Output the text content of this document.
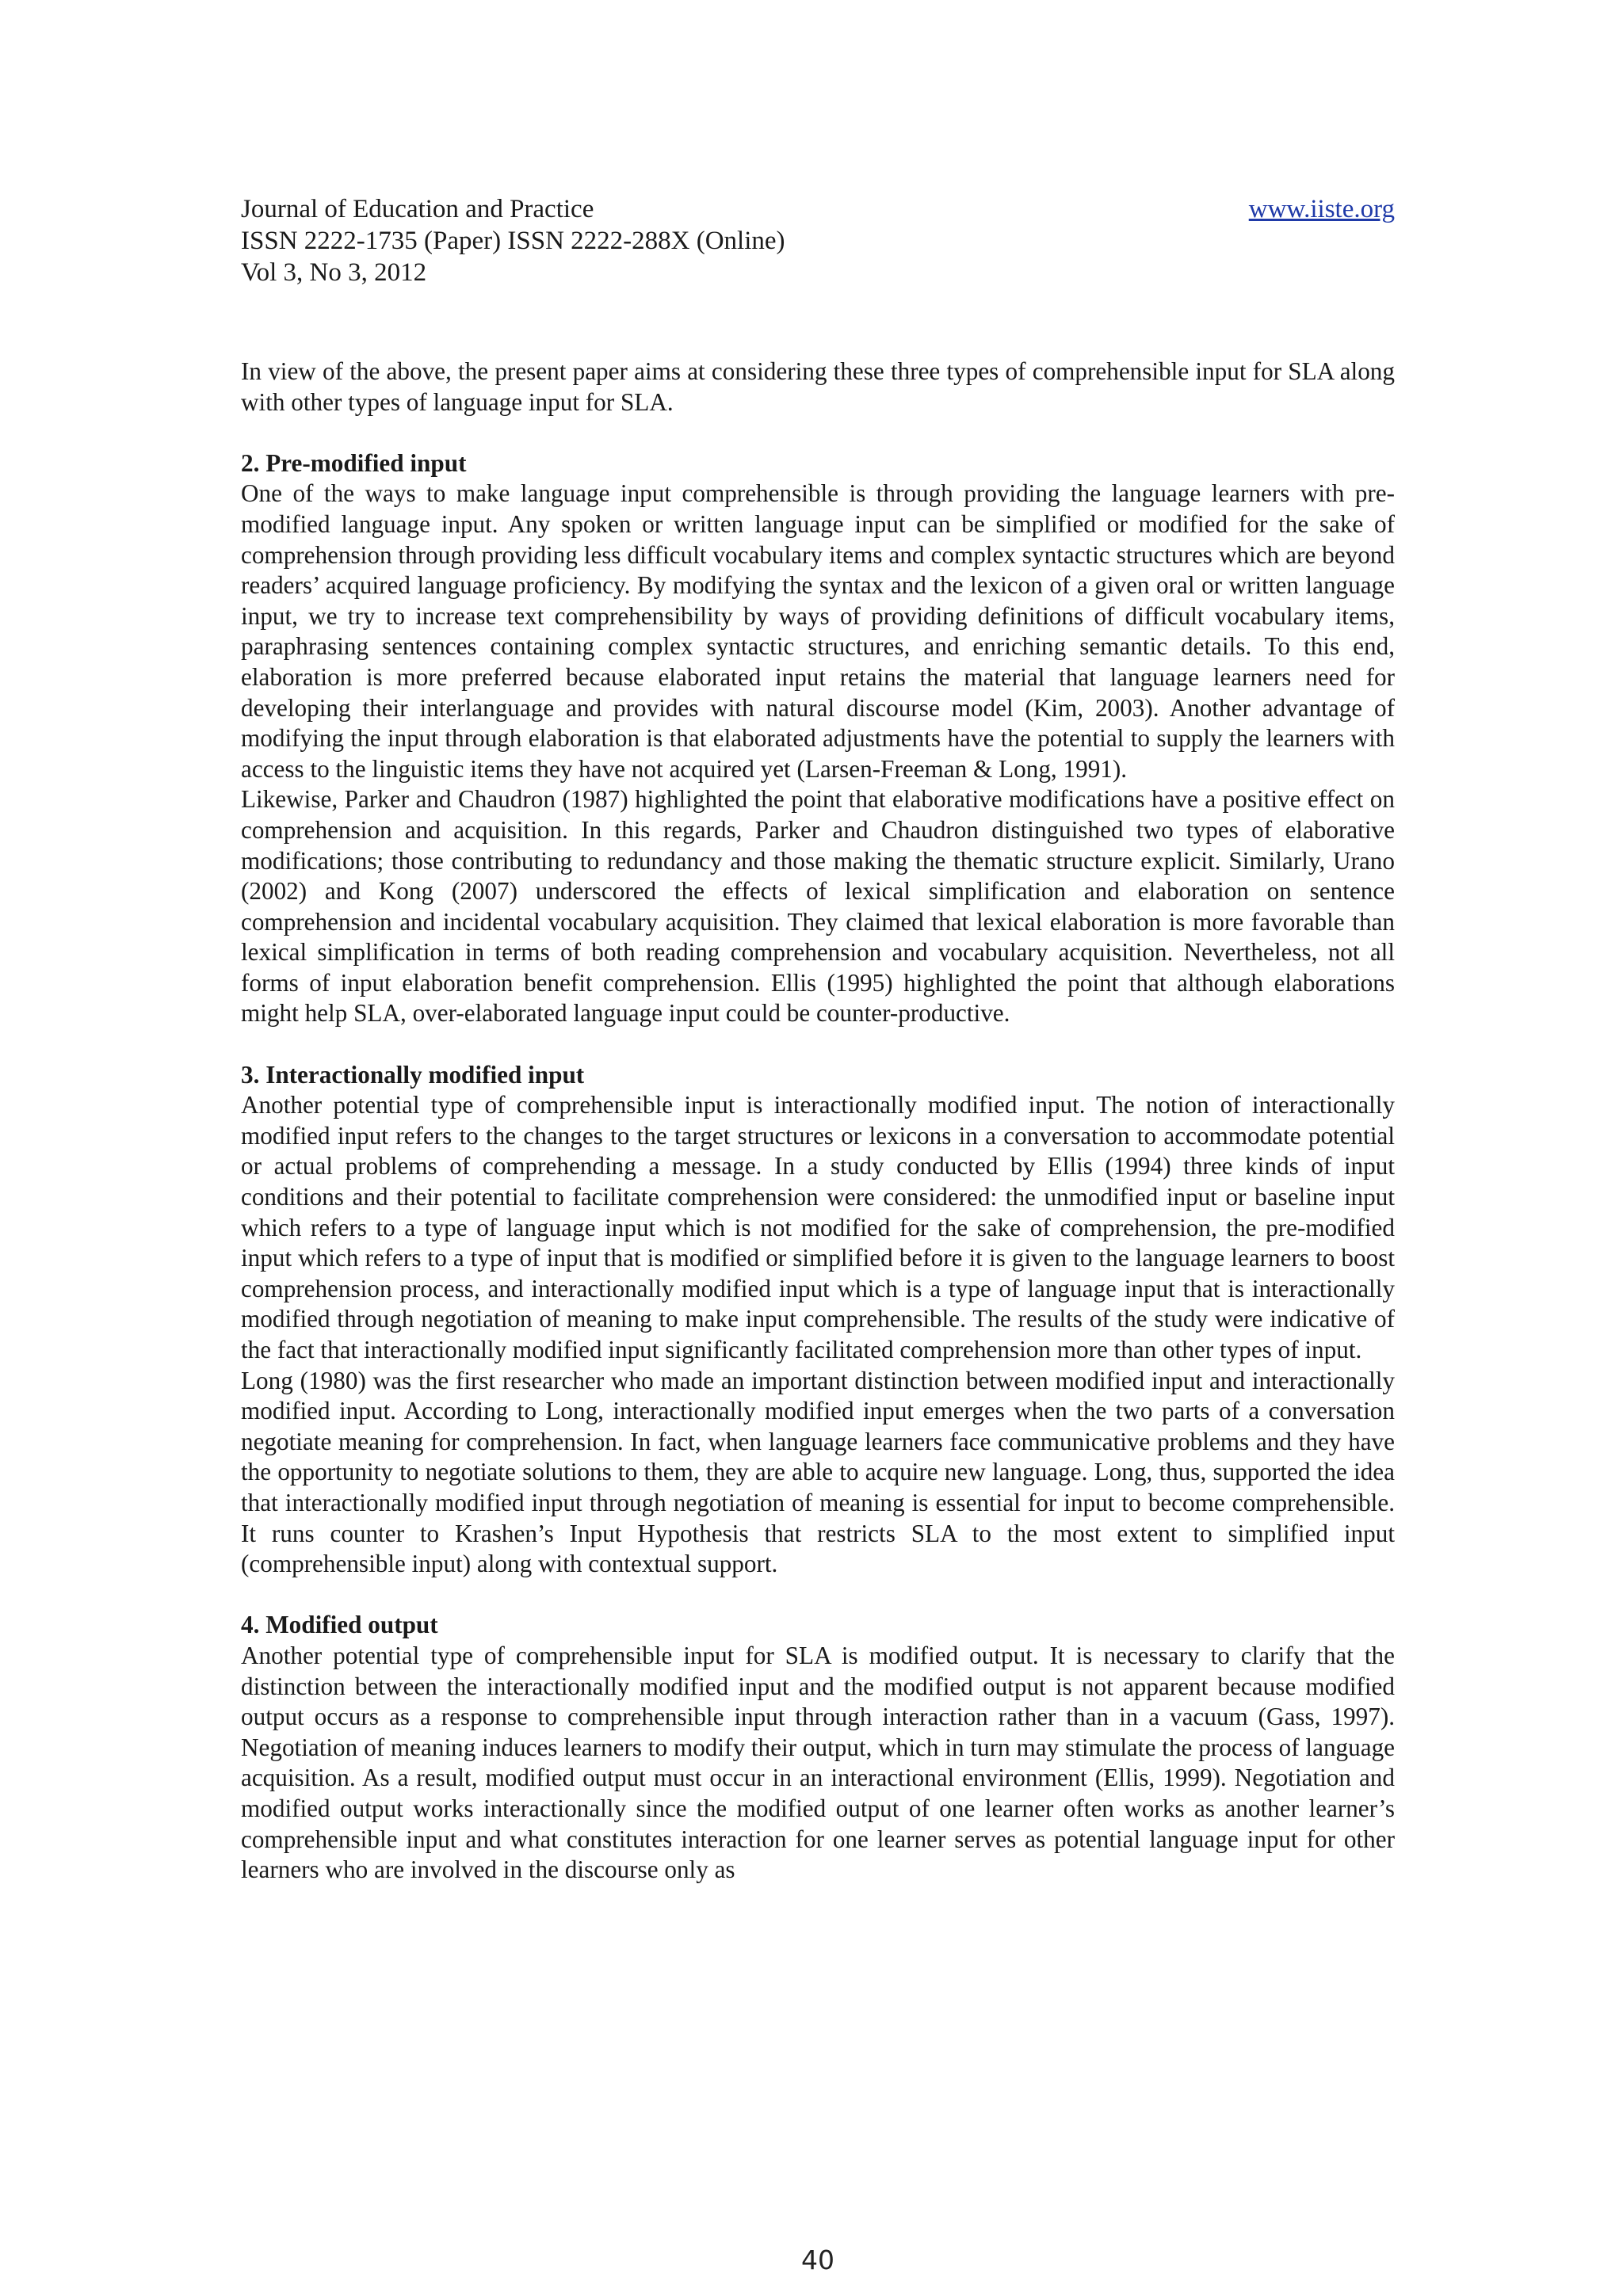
Journal of Education and Practice	www.iiste.org
ISSN 2222-1735 (Paper) ISSN 2222-288X (Online)
Vol 3, No 3, 2012

In view of the above, the present paper aims at considering these three types of comprehensible input for SLA along with other types of language input for SLA.

2. Pre-modified input

One of the ways to make language input comprehensible is through providing the language learners with pre-modified language input. Any spoken or written language input can be simplified or modified for the sake of comprehension through providing less difficult vocabulary items and complex syntactic structures which are beyond readers’ acquired language proficiency. By modifying the syntax and the lexicon of a given oral or written language input, we try to increase text comprehensibility by ways of providing definitions of difficult vocabulary items, paraphrasing sentences containing complex syntactic structures, and enriching semantic details. To this end, elaboration is more preferred because elaborated input retains the material that language learners need for developing their interlanguage and provides with natural discourse model (Kim, 2003). Another advantage of modifying the input through elaboration is that elaborated adjustments have the potential to supply the learners with access to the linguistic items they have not acquired yet (Larsen-Freeman & Long, 1991).

Likewise, Parker and Chaudron (1987) highlighted the point that elaborative modifications have a positive effect on comprehension and acquisition. In this regards, Parker and Chaudron distinguished two types of elaborative modifications; those contributing to redundancy and those making the thematic structure explicit. Similarly, Urano (2002) and Kong (2007) underscored the effects of lexical simplification and elaboration on sentence comprehension and incidental vocabulary acquisition. They claimed that lexical elaboration is more favorable than lexical simplification in terms of both reading comprehension and vocabulary acquisition. Nevertheless, not all forms of input elaboration benefit comprehension. Ellis (1995) highlighted the point that although elaborations might help SLA, over-elaborated language input could be counter-productive.

3. Interactionally modified input

Another potential type of comprehensible input is interactionally modified input. The notion of interactionally modified input refers to the changes to the target structures or lexicons in a conversation to accommodate potential or actual problems of comprehending a message. In a study conducted by Ellis (1994) three kinds of input conditions and their potential to facilitate comprehension were considered: the unmodified input or baseline input which refers to a type of language input which is not modified for the sake of comprehension, the pre-modified input which refers to a type of input that is modified or simplified before it is given to the language learners to boost comprehension process, and interactionally modified input which is a type of language input that is interactionally modified through negotiation of meaning to make input comprehensible. The results of the study were indicative of the fact that interactionally modified input significantly facilitated comprehension more than other types of input.

Long (1980) was the first researcher who made an important distinction between modified input and interactionally modified input. According to Long, interactionally modified input emerges when the two parts of a conversation negotiate meaning for comprehension. In fact, when language learners face communicative problems and they have the opportunity to negotiate solutions to them, they are able to acquire new language. Long, thus, supported the idea that interactionally modified input through negotiation of meaning is essential for input to become comprehensible. It runs counter to Krashen’s Input Hypothesis that restricts SLA to the most extent to simplified input (comprehensible input) along with contextual support.

4. Modified output

Another potential type of comprehensible input for SLA is modified output. It is necessary to clarify that the distinction between the interactionally modified input and the modified output is not apparent because modified output occurs as a response to comprehensible input through interaction rather than in a vacuum (Gass, 1997). Negotiation of meaning induces learners to modify their output, which in turn may stimulate the process of language acquisition. As a result, modified output must occur in an interactional environment (Ellis, 1999). Negotiation and modified output works interactionally since the modified output of one learner often works as another learner’s comprehensible input and what constitutes interaction for one learner serves as potential language input for other learners who are involved in the discourse only as

40
